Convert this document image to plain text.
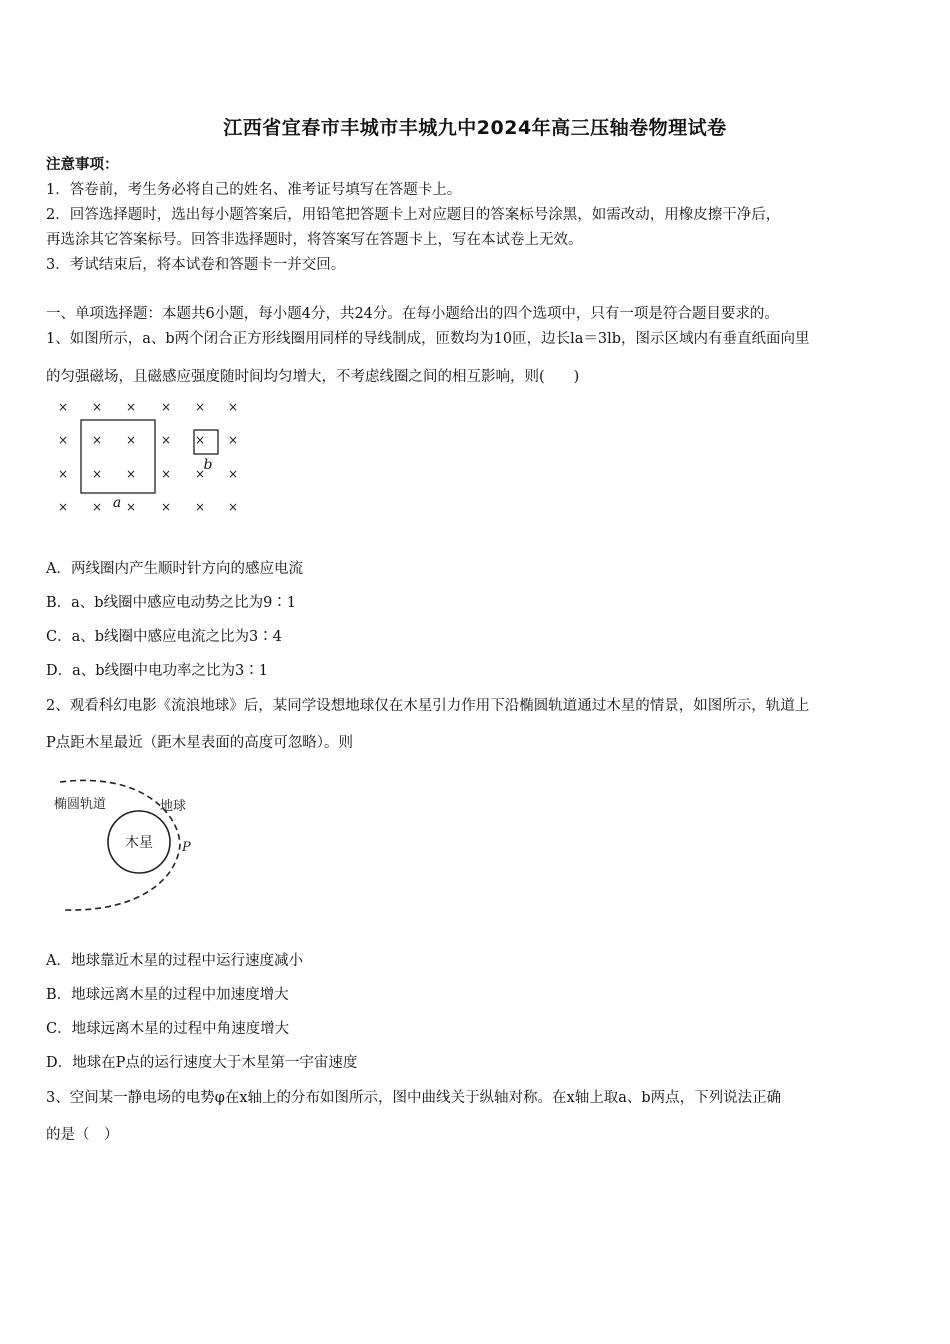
江西省宜春市丰城市丰城九中2024年高三压轴卷物理试卷
注意事项：
1．答卷前，考生务必将自己的姓名、准考证号填写在答题卡上。
2．回答选择题时，选出每小题答案后，用铅笔把答题卡上对应题目的答案标号涂黑，如需改动，用橡皮擦干净后，
再选涂其它答案标号。回答非选择题时，将答案写在答题卡上，写在本试卷上无效。
3．考试结束后，将本试卷和答题卡一并交回。
一、单项选择题：本题共6小题，每小题4分，共24分。在每小题给出的四个选项中，只有一项是符合题目要求的。
1、如图所示，a、b两个闭合正方形线圈用同样的导线制成，匝数均为10匝，边长la＝3lb，图示区域内有垂直纸面向里
的匀强磁场，且磁感应强度随时间均匀增大，不考虑线圈之间的相互影响，则(　　)
× × × × × ×
× × × × × ×
× × × × × ×
× × × × × ×
a
b
A．两线圈内产生顺时针方向的感应电流
B．a、b线圈中感应电动势之比为9∶1
C．a、b线圈中感应电流之比为3∶4
D．a、b线圈中电功率之比为3∶1
2、观看科幻电影《流浪地球》后，某同学设想地球仅在木星引力作用下沿椭圆轨道通过木星的情景，如图所示，轨道上
P点距木星最近（距木星表面的高度可忽略）。则
椭圆轨道	地球
木星 P
A．地球靠近木星的过程中运行速度减小
B．地球远离木星的过程中加速度增大
C．地球远离木星的过程中角速度增大
D．地球在P点的运行速度大于木星第一宇宙速度
3、空间某一静电场的电势φ在x轴上的分布如图所示，图中曲线关于纵轴对称。在x轴上取a、b两点，下列说法正确
的是（　）
